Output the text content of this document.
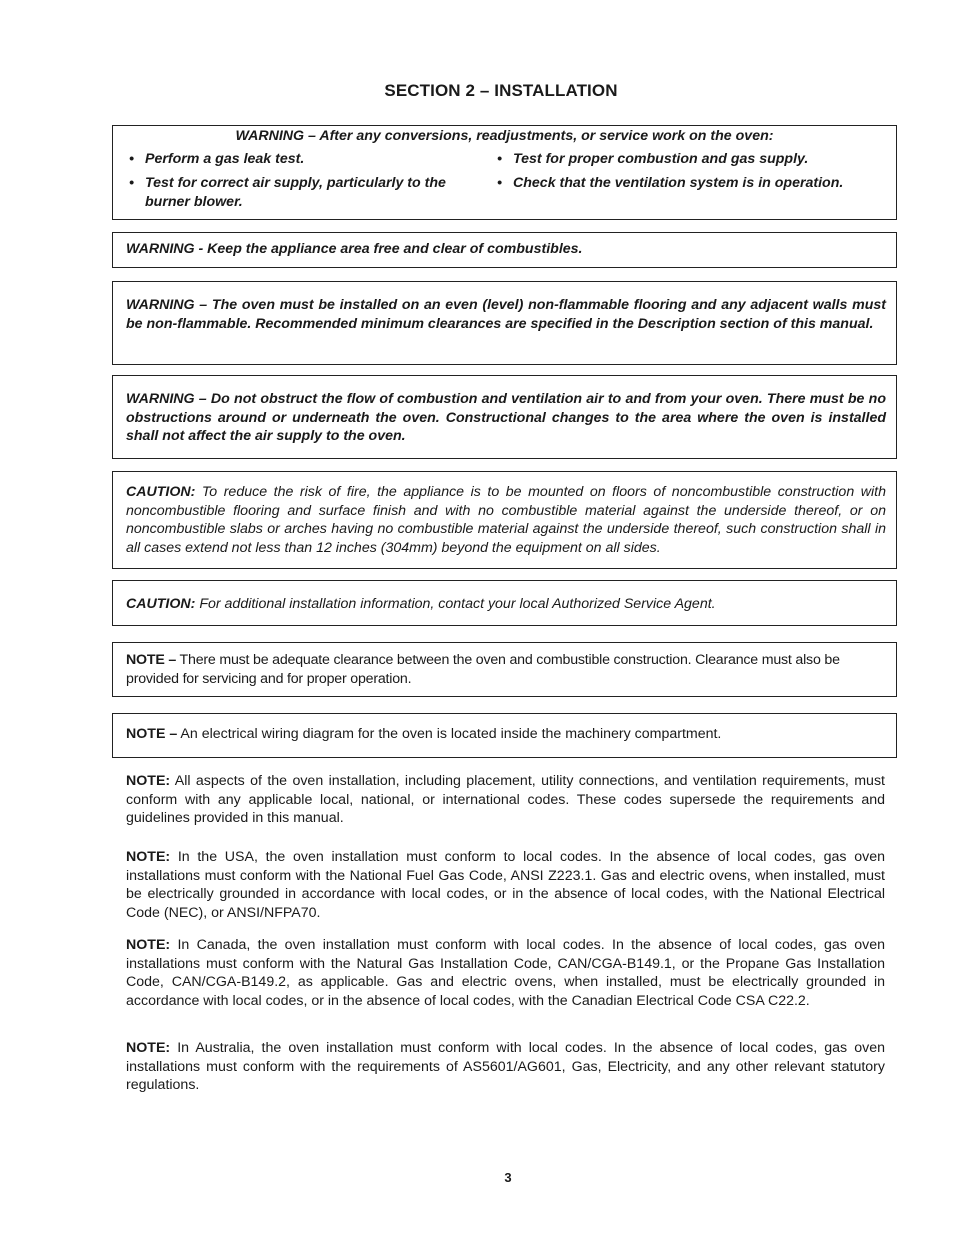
SECTION 2 – INSTALLATION
WARNING – After any conversions, readjustments, or service work on the oven:
• Perform a gas leak test.
• Test for correct air supply, particularly to the burner blower.
• Test for proper combustion and gas supply.
• Check that the ventilation system is in operation.
WARNING - Keep the appliance area free and clear of combustibles.
WARNING – The oven must be installed on an even (level) non-flammable flooring and any adjacent walls must be non-flammable. Recommended minimum clearances are specified in the Description section of this manual.
WARNING – Do not obstruct the flow of combustion and ventilation air to and from your oven. There must be no obstructions around or underneath the oven. Constructional changes to the area where the oven is installed shall not affect the air supply to the oven.
CAUTION: To reduce the risk of fire, the appliance is to be mounted on floors of noncombustible construction with noncombustible flooring and surface finish and with no combustible material against the underside thereof, or on noncombustible slabs or arches having no combustible material against the underside thereof, such construction shall in all cases extend not less than 12 inches (304mm) beyond the equipment on all sides.
CAUTION: For additional installation information, contact your local Authorized Service Agent.
NOTE – There must be adequate clearance between the oven and combustible construction. Clearance must also be provided for servicing and for proper operation.
NOTE – An electrical wiring diagram for the oven is located inside the machinery compartment.
NOTE: All aspects of the oven installation, including placement, utility connections, and ventilation requirements, must conform with any applicable local, national, or international codes. These codes supersede the requirements and guidelines provided in this manual.
NOTE: In the USA, the oven installation must conform to local codes. In the absence of local codes, gas oven installations must conform with the National Fuel Gas Code, ANSI Z223.1. Gas and electric ovens, when installed, must be electrically grounded in accordance with local codes, or in the absence of local codes, with the National Electrical Code (NEC), or ANSI/NFPA70.
NOTE: In Canada, the oven installation must conform with local codes. In the absence of local codes, gas oven installations must conform with the Natural Gas Installation Code, CAN/CGA-B149.1, or the Propane Gas Installation Code, CAN/CGA-B149.2, as applicable. Gas and electric ovens, when installed, must be electrically grounded in accordance with local codes, or in the absence of local codes, with the Canadian Electrical Code CSA C22.2.
NOTE: In Australia, the oven installation must conform with local codes. In the absence of local codes, gas oven installations must conform with the requirements of AS5601/AG601, Gas, Electricity, and any other relevant statutory regulations.
3
